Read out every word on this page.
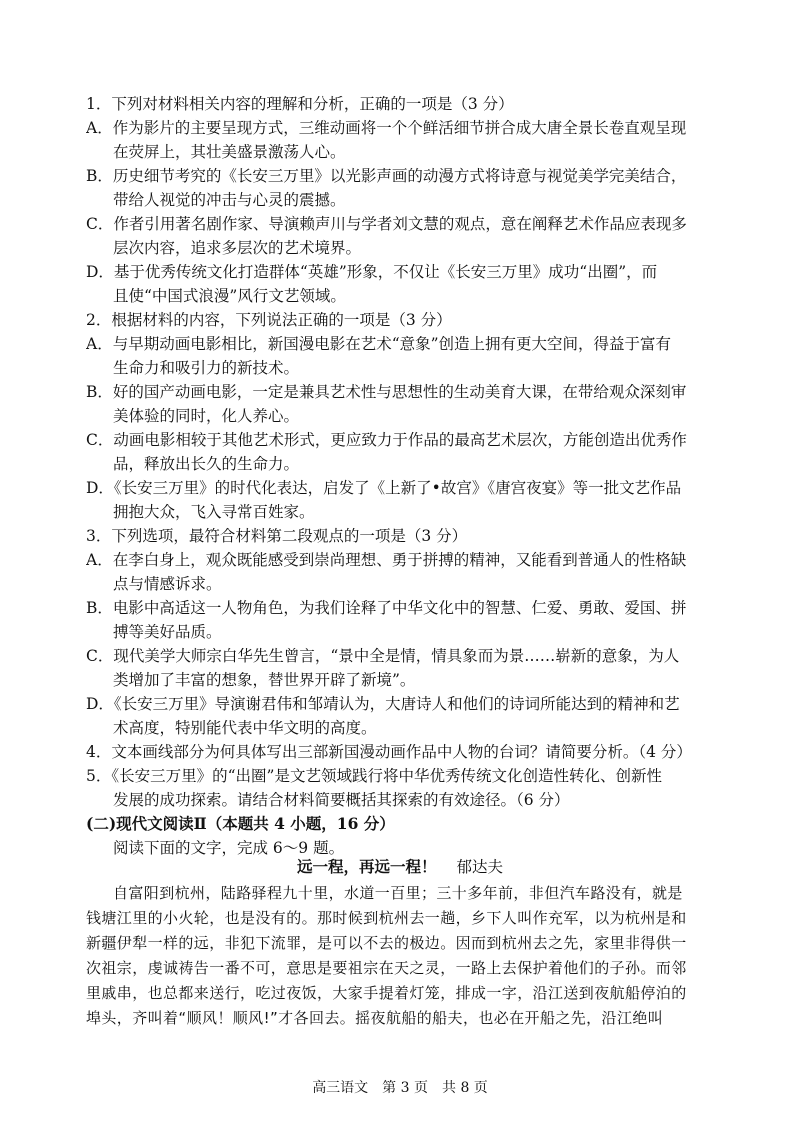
1．下列对材料相关内容的理解和分析，正确的一项是（3 分）
A．作为影片的主要呈现方式，三维动画将一个个鲜活细节拼合成大唐全景长卷直观呈现
在荧屏上，其壮美盛景激荡人心。
B．历史细节考究的《长安三万里》以光影声画的动漫方式将诗意与视觉美学完美结合，
带给人视觉的冲击与心灵的震撼。
C．作者引用著名剧作家、导演赖声川与学者刘文慧的观点，意在阐释艺术作品应表现多
层次内容，追求多层次的艺术境界。
D．基于优秀传统文化打造群体“英雄”形象，不仅让《长安三万里》成功“出圈”，而
且使“中国式浪漫”风行文艺领域。
2．根据材料的内容，下列说法正确的一项是（3 分）
A．与早期动画电影相比，新国漫电影在艺术“意象”创造上拥有更大空间，得益于富有
生命力和吸引力的新技术。
B．好的国产动画电影，一定是兼具艺术性与思想性的生动美育大课，在带给观众深刻审
美体验的同时，化人养心。
C．动画电影相较于其他艺术形式，更应致力于作品的最高艺术层次，方能创造出优秀作
品，释放出长久的生命力。
D．《长安三万里》的时代化表达，启发了《上新了•故宫》《唐宫夜宴》等一批文艺作品
拥抱大众，飞入寻常百姓家。
3．下列选项，最符合材料第二段观点的一项是（3 分）
A．在李白身上，观众既能感受到崇尚理想、勇于拼搏的精神，又能看到普通人的性格缺
点与情感诉求。
B．电影中高适这一人物角色，为我们诠释了中华文化中的智慧、仁爱、勇敢、爱国、拼
搏等美好品质。
C．现代美学大师宗白华先生曾言，“景中全是情，情具象而为景……崭新的意象，为人
类增加了丰富的想象，替世界开辟了新境”。
D．《长安三万里》导演谢君伟和邹靖认为，大唐诗人和他们的诗词所能达到的精神和艺
术高度，特别能代表中华文明的高度。
4．文本画线部分为何具体写出三部新国漫动画作品中人物的台词？请简要分析。（4 分）
5．《长安三万里》的“出圈”是文艺领域践行将中华优秀传统文化创造性转化、创新性
发展的成功探索。请结合材料简要概括其探索的有效途径。（6 分）
(二)现代文阅读Ⅱ（本题共 4 小题，16 分）
阅读下面的文字，完成 6～9 题。
远一程，再远一程！ 郁达夫
自富阳到杭州，陆路驿程九十里，水道一百里；三十多年前，非但汽车路没有，就是
钱塘江里的小火轮，也是没有的。那时候到杭州去一趟，乡下人叫作充军，以为杭州是和
新疆伊犁一样的远，非犯下流罪，是可以不去的极边。因而到杭州去之先，家里非得供一
次祖宗，虔诚祷告一番不可，意思是要祖宗在天之灵，一路上去保护着他们的子孙。而邻
里戚串，也总都来送行，吃过夜饭，大家手提着灯笼，排成一字，沿江送到夜航船停泊的
埠头，齐叫着“顺风！顺风!”才各回去。摇夜航船的船夫，也必在开船之先，沿江绝叫
高三语文　第 3 页　共 8 页
